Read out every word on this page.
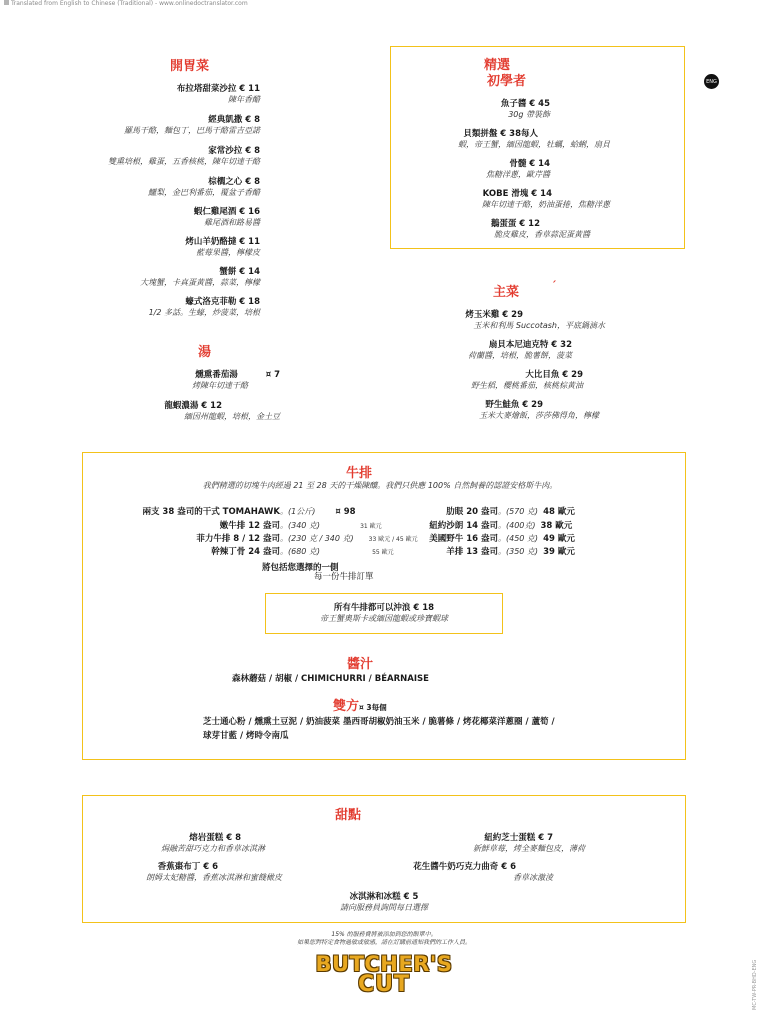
Translated from English to Chinese (Traditional) - www.onlinedoctranslator.com
ENG
開胃菜
布拉塔甜菜沙拉 € 11
陳年香醋
經典凱撒 € 8
羅馬干酪，麵包丁，巴馬干酪雷吉亞諾
家常沙拉 € 8
雙熏培根，雞蛋，五香核桃，陳年切達干酪
棕櫚之心 € 8
鱷梨，金巴利番茄，覆盆子香醋
蝦仁雞尾酒 € 16
雞尾酒和路易醬
烤山羊奶酪撻 € 11
藍莓果醬，檸檬皮
蟹餅 € 14
大塊蟹，卡真蛋黃醬，蒜菜，檸檬
蠔式洛克菲勒 € 18
1/2 多話。生蠔，炒菠菜，培根
湯
燻熏番茄湯	¤ 7
烤陳年切達干酪
龍蝦濃湯 € 12
緬因州龍蝦，培根，金土豆
精選
初學者
魚子醬 € 45
30g 帶裝飾
貝類拼盤 € 38每人
蝦，帝王蟹，緬因龍蝦，牡蠣，蛤蜊，扇貝
骨髓 € 14
焦糖洋蔥，歐芹醬
KOBE 滑塊 € 14
陳年切達干酪，奶油蛋捲，焦糖洋蔥
鵝蛋蛋 € 12
脆皮雞皮，香草蒜泥蛋黃醬
主菜	ˊ
烤玉米雞 € 29
玉米和利馬 Succotash，平底鍋滴水
扇貝本尼迪克特 € 32
荷蘭醬，培根，脆薯餅，菠菜
大比目魚 € 29
野生稻，櫻桃番茄，核桃棕黃油
野生鮭魚 € 29
玉米大麥燴飯，莎莎佛得角，檸檬
牛排
我們精選的切塊牛肉經過 21 至 28 天的干燥陳釀。我們只供應 100% 自然飼養的認證安格斯牛肉。
兩支 38 盎司的干式 TOMAHAWK。(1公斤) ¤ 98
嫩牛排 12 盎司。(340 克)	31 歐元
菲力牛排 8 / 12 盎司。(230 克 / 340 克)	33 歐元 / 45 歐元
幹辣丁骨 24 盎司。(680 克)	55 歐元
肋眼 20 盎司。(570 克) 48 歐元
紐約沙朗 14 盎司。(400克) 38 歐元
美國野牛 16 盎司。(450 克) 49 歐元
羊排 13 盎司。(350 克) 39 歐元
將包括您選擇的一側
每一份牛排訂單
所有牛排都可以沖浪 € 18
帝王蟹奧斯卡或緬因龍蝦或珍寶蝦球
醬汁
森林蘑菇 / 胡椒 / CHIMICHURRI / BÉARNAISE
雙方¤ 3每個
芝士通心粉 / 燻熏土豆泥 / 奶油菠菜 墨西哥胡椒奶油玉米 / 脆薯條 / 烤花椰菜洋蔥圈 / 蘆筍 /
球芽甘藍 / 烤時令南瓜
甜點
熔岩蛋糕 € 8
焗融苦甜巧克力和香草冰淇淋
香蕉棗布丁 € 6
朗姆太妃糖醬，香蕉冰淇淋和蜜餞橄皮
紐約芝士蛋糕 € 7
新鮮草莓，烤全麥麵包皮，薄荷
花生醬牛奶巧克力曲奇 € 6
香草冰激淩
冰淇淋和冰糕 € 5
請向服務員詢問每日選擇
15% 的服務費將被添加到您的賬單中。
如果您對特定食物過敏或敏感，請在訂購前通知我們的工作人員。
BUTCHER'S
CUT	MC-TW-PR-BHD-ENG
